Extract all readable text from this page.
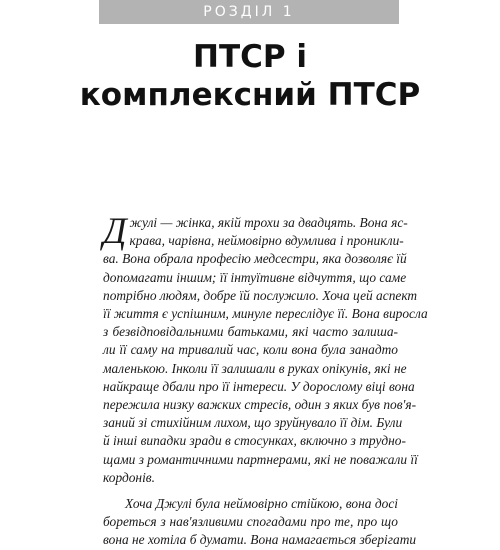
РОЗДІЛ 1
ПТСР і
комплексний ПТСР
Д жулі — жінка, якій трохи за двадцять. Вона яс-
крава, чарівна, неймовірно вдумлива і проникли-
ва. Вона обрала професію медсестри, яка дозволяє їй
допомагати іншим; її інтуїтивне відчуття, що саме
потрібно людям, добре їй послужило. Хоча цей аспект
її життя є успішним, минуле переслідує її. Вона виросла
з безвідповідальними батьками, які часто залиша-
ли її саму на тривалий час, коли вона була занадто
маленькою. Інколи її залишали в руках опікунів, які не
найкраще дбали про її інтереси. У дорослому віці вона
пережила низку важких стресів, один з яких був пов'я-
заний зі стихійним лихом, що зруйнувало її дім. Були
й інші випадки зради в стосунках, включно з трудно-
щами з романтичними партнерами, які не поважали її
кордонів.
Хоча Джулі була неймовірно стійкою, вона досі
бореться з нав'язливими спогадами про те, про що
вона не хотіла б думати. Вона намагається зберігати
